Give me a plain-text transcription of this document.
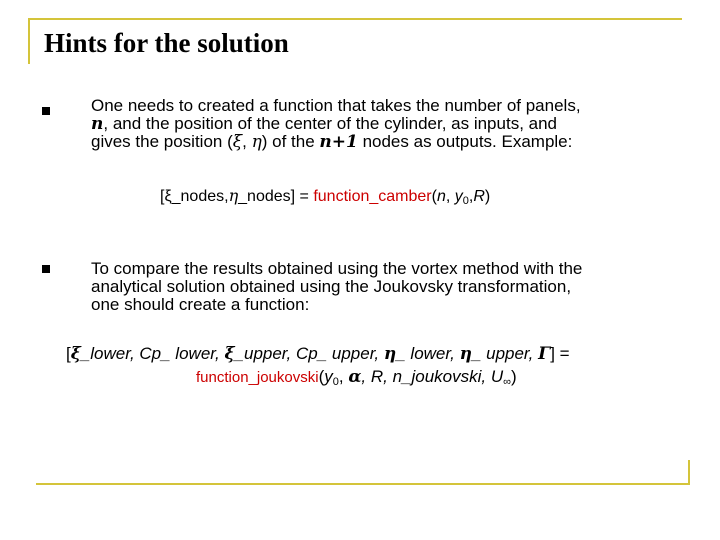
Hints for the solution

One needs to created a function that takes the number of panels,
n, and the position of the center of the cylinder, as inputs, and
gives the position (ξ, η) of the n+1 nodes as outputs. Example:

[ξ_nodes,η_nodes] = function_camber(n, $y_0,R$)

To compare the results obtained using the vortex method with the
analytical solution obtained using the Joukovsky transformation,
one should create a function:

[ξ_lower, Cp_ lower, ξ_upper, Cp_ upper, η_ lower, η_ upper, Γ] =
$function\_joukovski(y_0$, α, R, n_joukovski, $U_\infty$)
